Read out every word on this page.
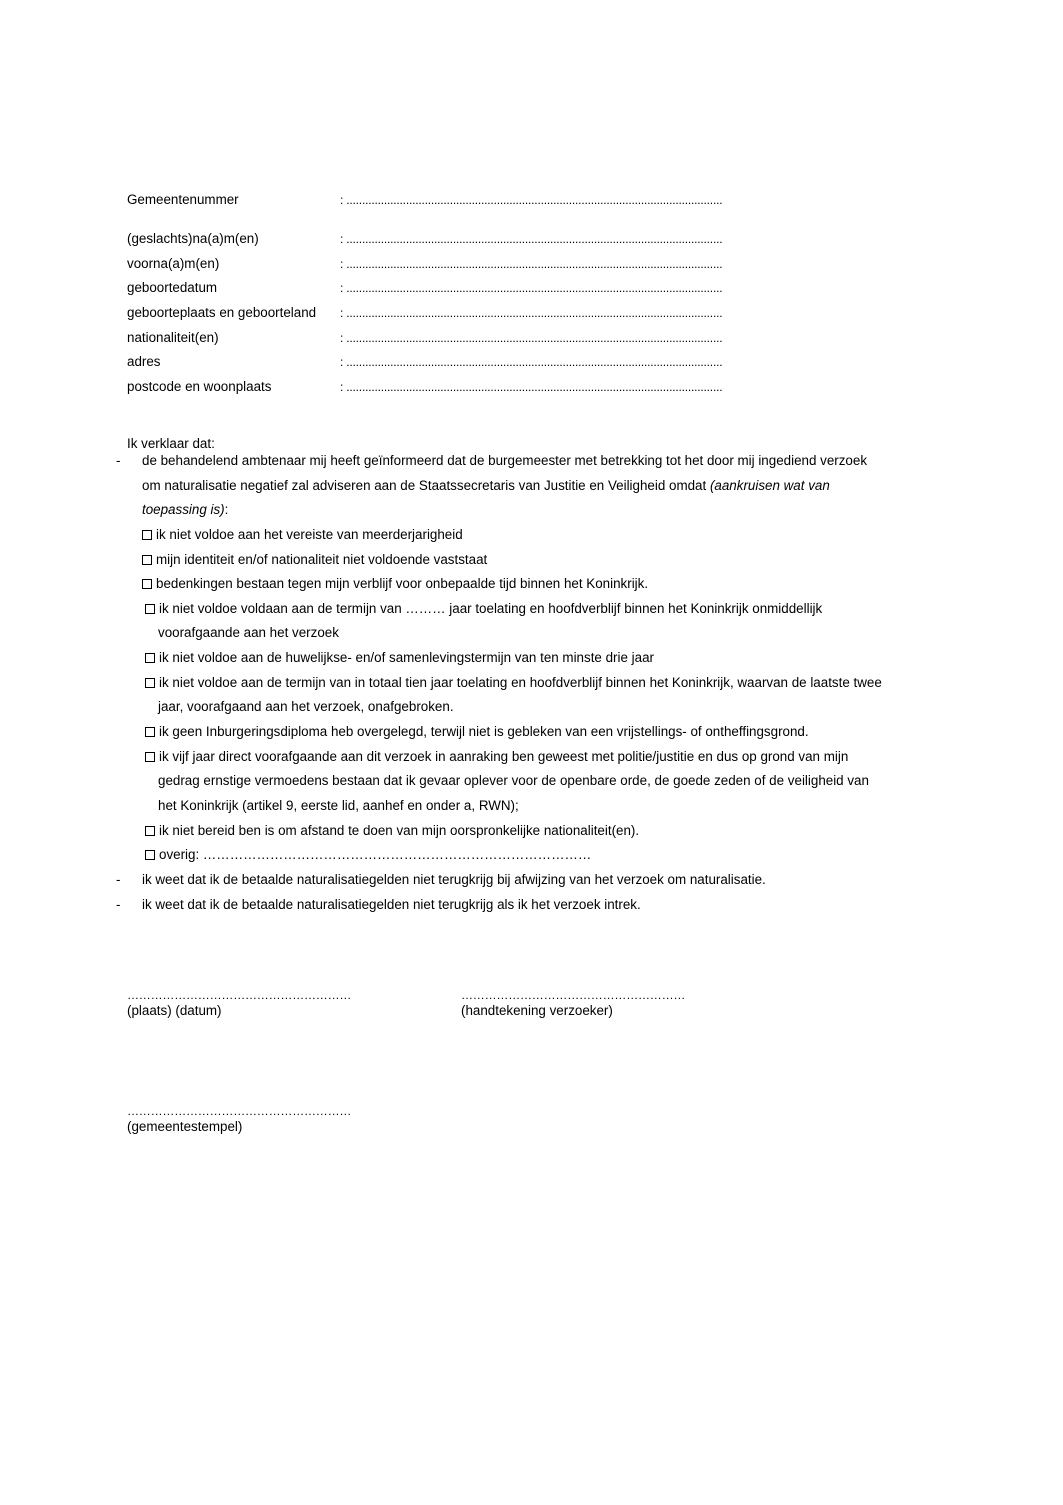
Gemeentenummer	: ........................................................................................................................
(geslachts)na(a)m(en)	: ........................................................................................................................
voorna(a)m(en)	: ........................................................................................................................
geboortedatum	: ........................................................................................................................
geboorteplaats en geboorteland : ........................................................................................................................
nationaliteit(en)	: ........................................................................................................................
adres	: ........................................................................................................................
postcode en woonplaats	: ........................................................................................................................
Ik verklaar dat:
- de behandelend ambtenaar mij heeft geïnformeerd dat de burgemeester met betrekking tot het door mij ingediend verzoek
om naturalisatie negatief zal adviseren aan de Staatssecretaris van Justitie en Veiligheid omdat (aankruisen wat van
toepassing is):
ik niet voldoe aan het vereiste van meerderjarigheid
mijn identiteit en/of nationaliteit niet voldoende vaststaat
bedenkingen bestaan tegen mijn verblijf voor onbepaalde tijd binnen het Koninkrijk.
ik niet voldoe voldaan aan de termijn van ……… jaar toelating en hoofdverblijf binnen het Koninkrijk onmiddellijk
voorafgaande aan het verzoek
ik niet voldoe aan de huwelijkse- en/of samenlevingstermijn van ten minste drie jaar
ik niet voldoe aan de termijn van in totaal tien jaar toelating en hoofdverblijf binnen het Koninkrijk, waarvan de laatste twee
jaar, voorafgaand aan het verzoek, onafgebroken.
ik geen Inburgeringsdiploma heb overgelegd, terwijl niet is gebleken van een vrijstellings- of ontheffingsgrond.
ik vijf jaar direct voorafgaande aan dit verzoek in aanraking ben geweest met politie/justitie en dus op grond van mijn
gedrag ernstige vermoedens bestaan dat ik gevaar oplever voor de openbare orde, de goede zeden of de veiligheid van
het Koninkrijk (artikel 9, eerste lid, aanhef en onder a, RWN);
ik niet bereid ben is om afstand te doen van mijn oorspronkelijke nationaliteit(en).
overig: ……………………………………………………………………………
- ik weet dat ik de betaalde naturalisatiegelden niet terugkrijg bij afwijzing van het verzoek om naturalisatie.
- ik weet dat ik de betaalde naturalisatiegelden niet terugkrijg als ik het verzoek intrek.
…………………………………………………
(plaats) (datum)
…………………………………………………
(handtekening verzoeker)
…………………………………………………
(gemeentestempel)
